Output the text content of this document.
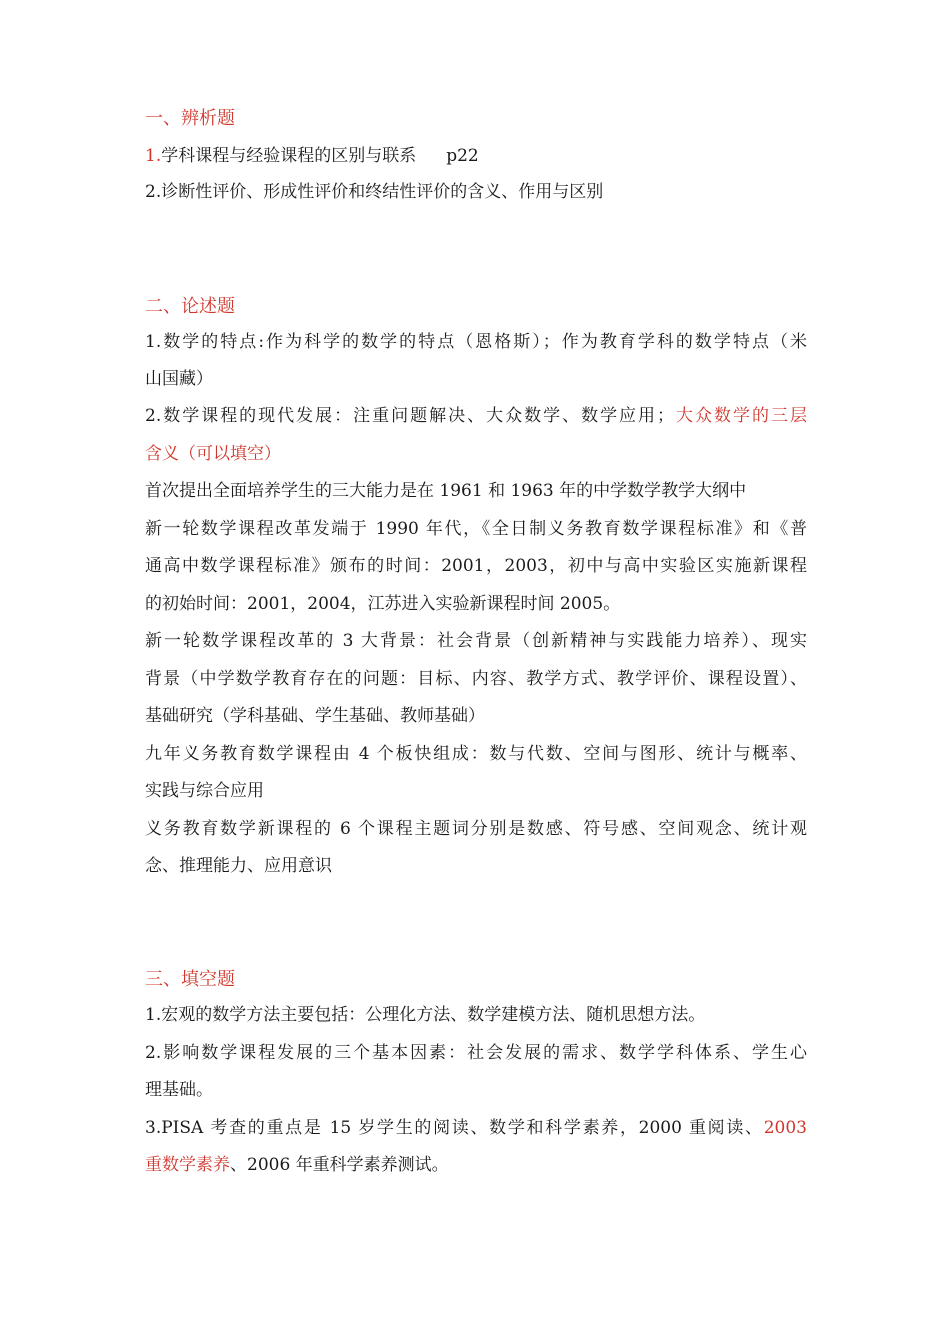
一、辨析题
1.学科课程与经验课程的区别与联系 p22
2.诊断性评价、形成性评价和终结性评价的含义、作用与区别
二、论述题
1.数学的特点:作为科学的数学的特点（恩格斯）；作为教育学科的数学特点（米
山国藏）
2.数学课程的现代发展：注重问题解决、大众数学、数学应用；大众数学的三层
含义（可以填空）
首次提出全面培养学生的三大能力是在 1961 和 1963 年的中学数学教学大纲中
新一轮数学课程改革发端于 1990 年代，《全日制义务教育数学课程标准》和《普
通高中数学课程标准》颁布的时间：2001，2003，初中与高中实验区实施新课程
的初始时间：2001，2004，江苏进入实验新课程时间 2005。
新一轮数学课程改革的 3 大背景：社会背景（创新精神与实践能力培养）、现实
背景（中学数学教育存在的问题：目标、内容、教学方式、教学评价、课程设置）、
基础研究（学科基础、学生基础、教师基础）
九年义务教育数学课程由 4 个板快组成：数与代数、空间与图形、统计与概率、
实践与综合应用
义务教育数学新课程的 6 个课程主题词分别是数感、符号感、空间观念、统计观
念、推理能力、应用意识
三、填空题
1.宏观的数学方法主要包括：公理化方法、数学建模方法、随机思想方法。
2.影响数学课程发展的三个基本因素：社会发展的需求、数学学科体系、学生心
理基础。
3.PISA 考查的重点是 15 岁学生的阅读、数学和科学素养，2000 重阅读、2003
重数学素养、2006 年重科学素养测试。
